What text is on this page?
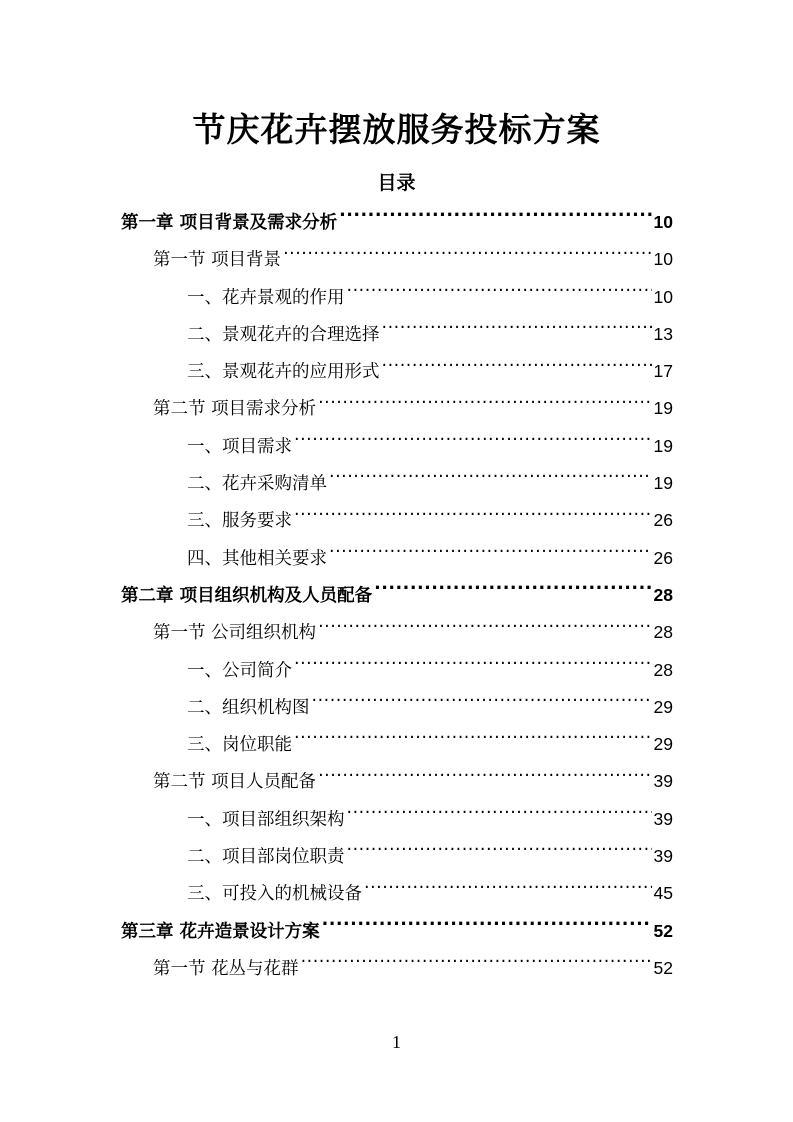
节庆花卉摆放服务投标方案
目录
第一章 项目背景及需求分析 .....	10
第一节 项目背景 .....	10
一、花卉景观的作用 .....	10
二、景观花卉的合理选择 .....	13
三、景观花卉的应用形式 .....	17
第二节 项目需求分析 .....	19
一、项目需求 .....	19
二、花卉采购清单 .....	19
三、服务要求 .....	26
四、其他相关要求 .....	26
第二章 项目组织机构及人员配备 .....	28
第一节 公司组织机构 .....	28
一、公司简介 .....	28
二、组织机构图 .....	29
三、岗位职能 .....	29
第二节 项目人员配备 .....	39
一、项目部组织架构 .....	39
二、项目部岗位职责 .....	39
三、可投入的机械设备 .....	45
第三章 花卉造景设计方案 .....	52
第一节 花丛与花群 .....	52
1
